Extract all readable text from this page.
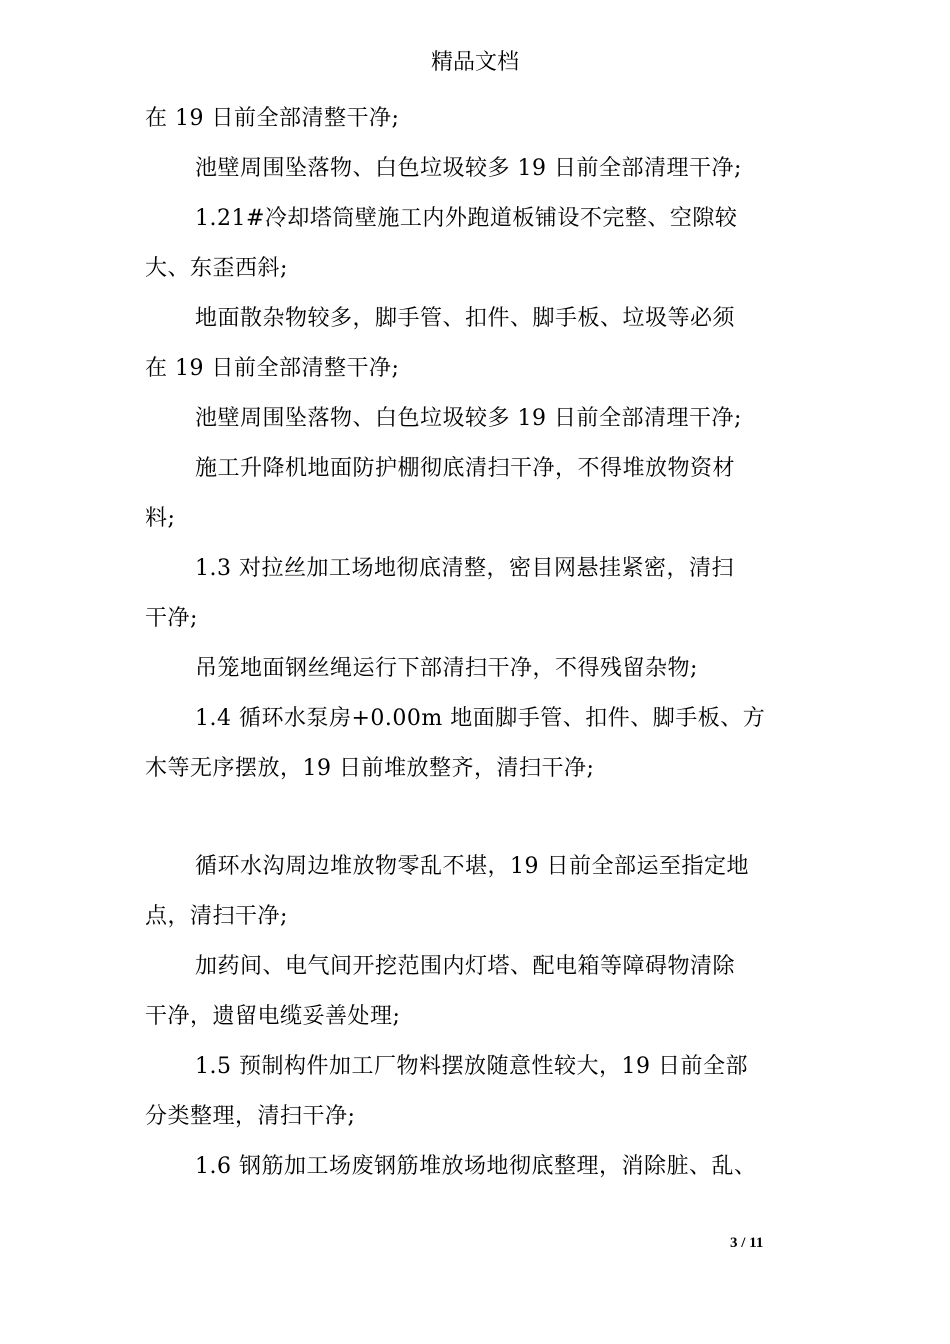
精品文档
在 19 日前全部清整干净;
池壁周围坠落物、白色垃圾较多 19 日前全部清理干净;
1.21#冷却塔筒壁施工内外跑道板铺设不完整、空隙较
大、东歪西斜;
地面散杂物较多，脚手管、扣件、脚手板、垃圾等必须
在 19 日前全部清整干净;
池壁周围坠落物、白色垃圾较多 19 日前全部清理干净;
施工升降机地面防护棚彻底清扫干净，不得堆放物资材
料;
1.3 对拉丝加工场地彻底清整，密目网悬挂紧密，清扫
干净;
吊笼地面钢丝绳运行下部清扫干净，不得残留杂物;
1.4 循环水泵房+0.00m 地面脚手管、扣件、脚手板、方
木等无序摆放，19 日前堆放整齐，清扫干净;
循环水沟周边堆放物零乱不堪，19 日前全部运至指定地
点，清扫干净;
加药间、电气间开挖范围内灯塔、配电箱等障碍物清除
干净，遗留电缆妥善处理;
1.5 预制构件加工厂物料摆放随意性较大，19 日前全部
分类整理，清扫干净;
1.6 钢筋加工场废钢筋堆放场地彻底整理，消除脏、乱、
3 / 11
